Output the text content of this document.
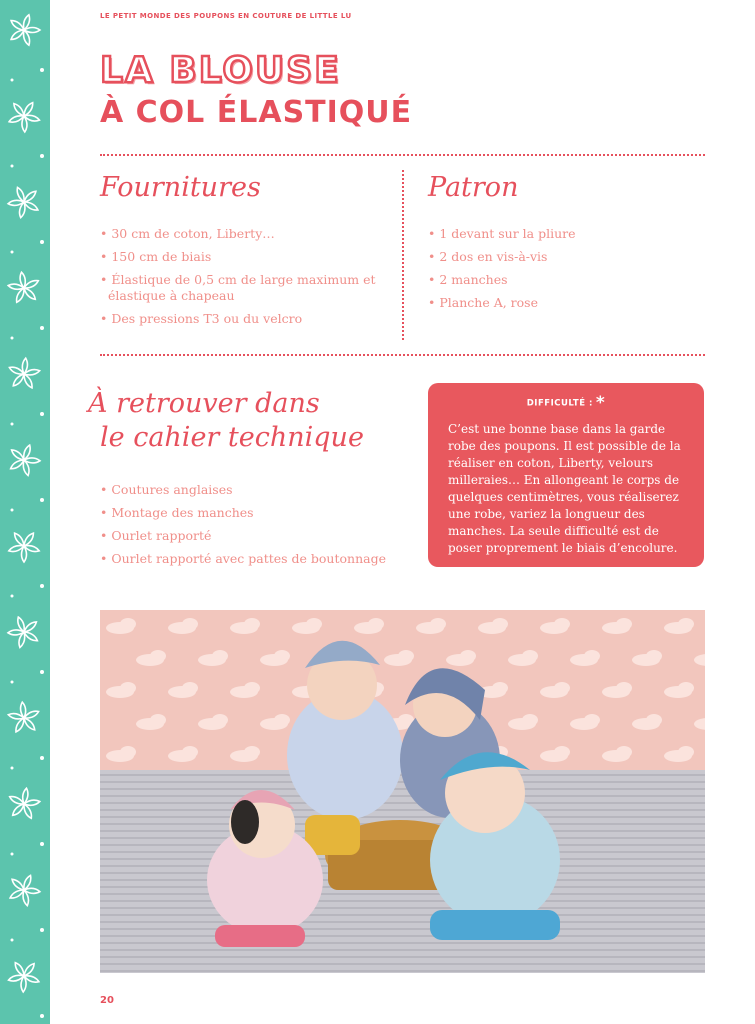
LE PETIT MONDE DES POUPONS EN COUTURE DE LITTLE LU
LA BLOUSE
À COL ÉLASTIQUÉ
Fournitures
• 30 cm de coton, Liberty…
• 150 cm de biais
• Élastique de 0,5 cm de large maximum et élastique à chapeau
• Des pressions T3 ou du velcro
Patron
• 1 devant sur la pliure
• 2 dos en vis-à-vis
• 2 manches
• Planche A, rose
À retrouver dans
le cahier technique
• Coutures anglaises
• Montage des manches
• Ourlet rapporté
• Ourlet rapporté avec pattes de boutonnage
DIFFICULTÉ : *
C’est une bonne base dans la garde robe des poupons. Il est possible de la réaliser en coton, Liberty, velours milleraies… En allongeant le corps de quelques centimètres, vous réaliserez une robe, variez la longueur des manches. La seule difficulté est de poser proprement le biais d’encolure.
20
